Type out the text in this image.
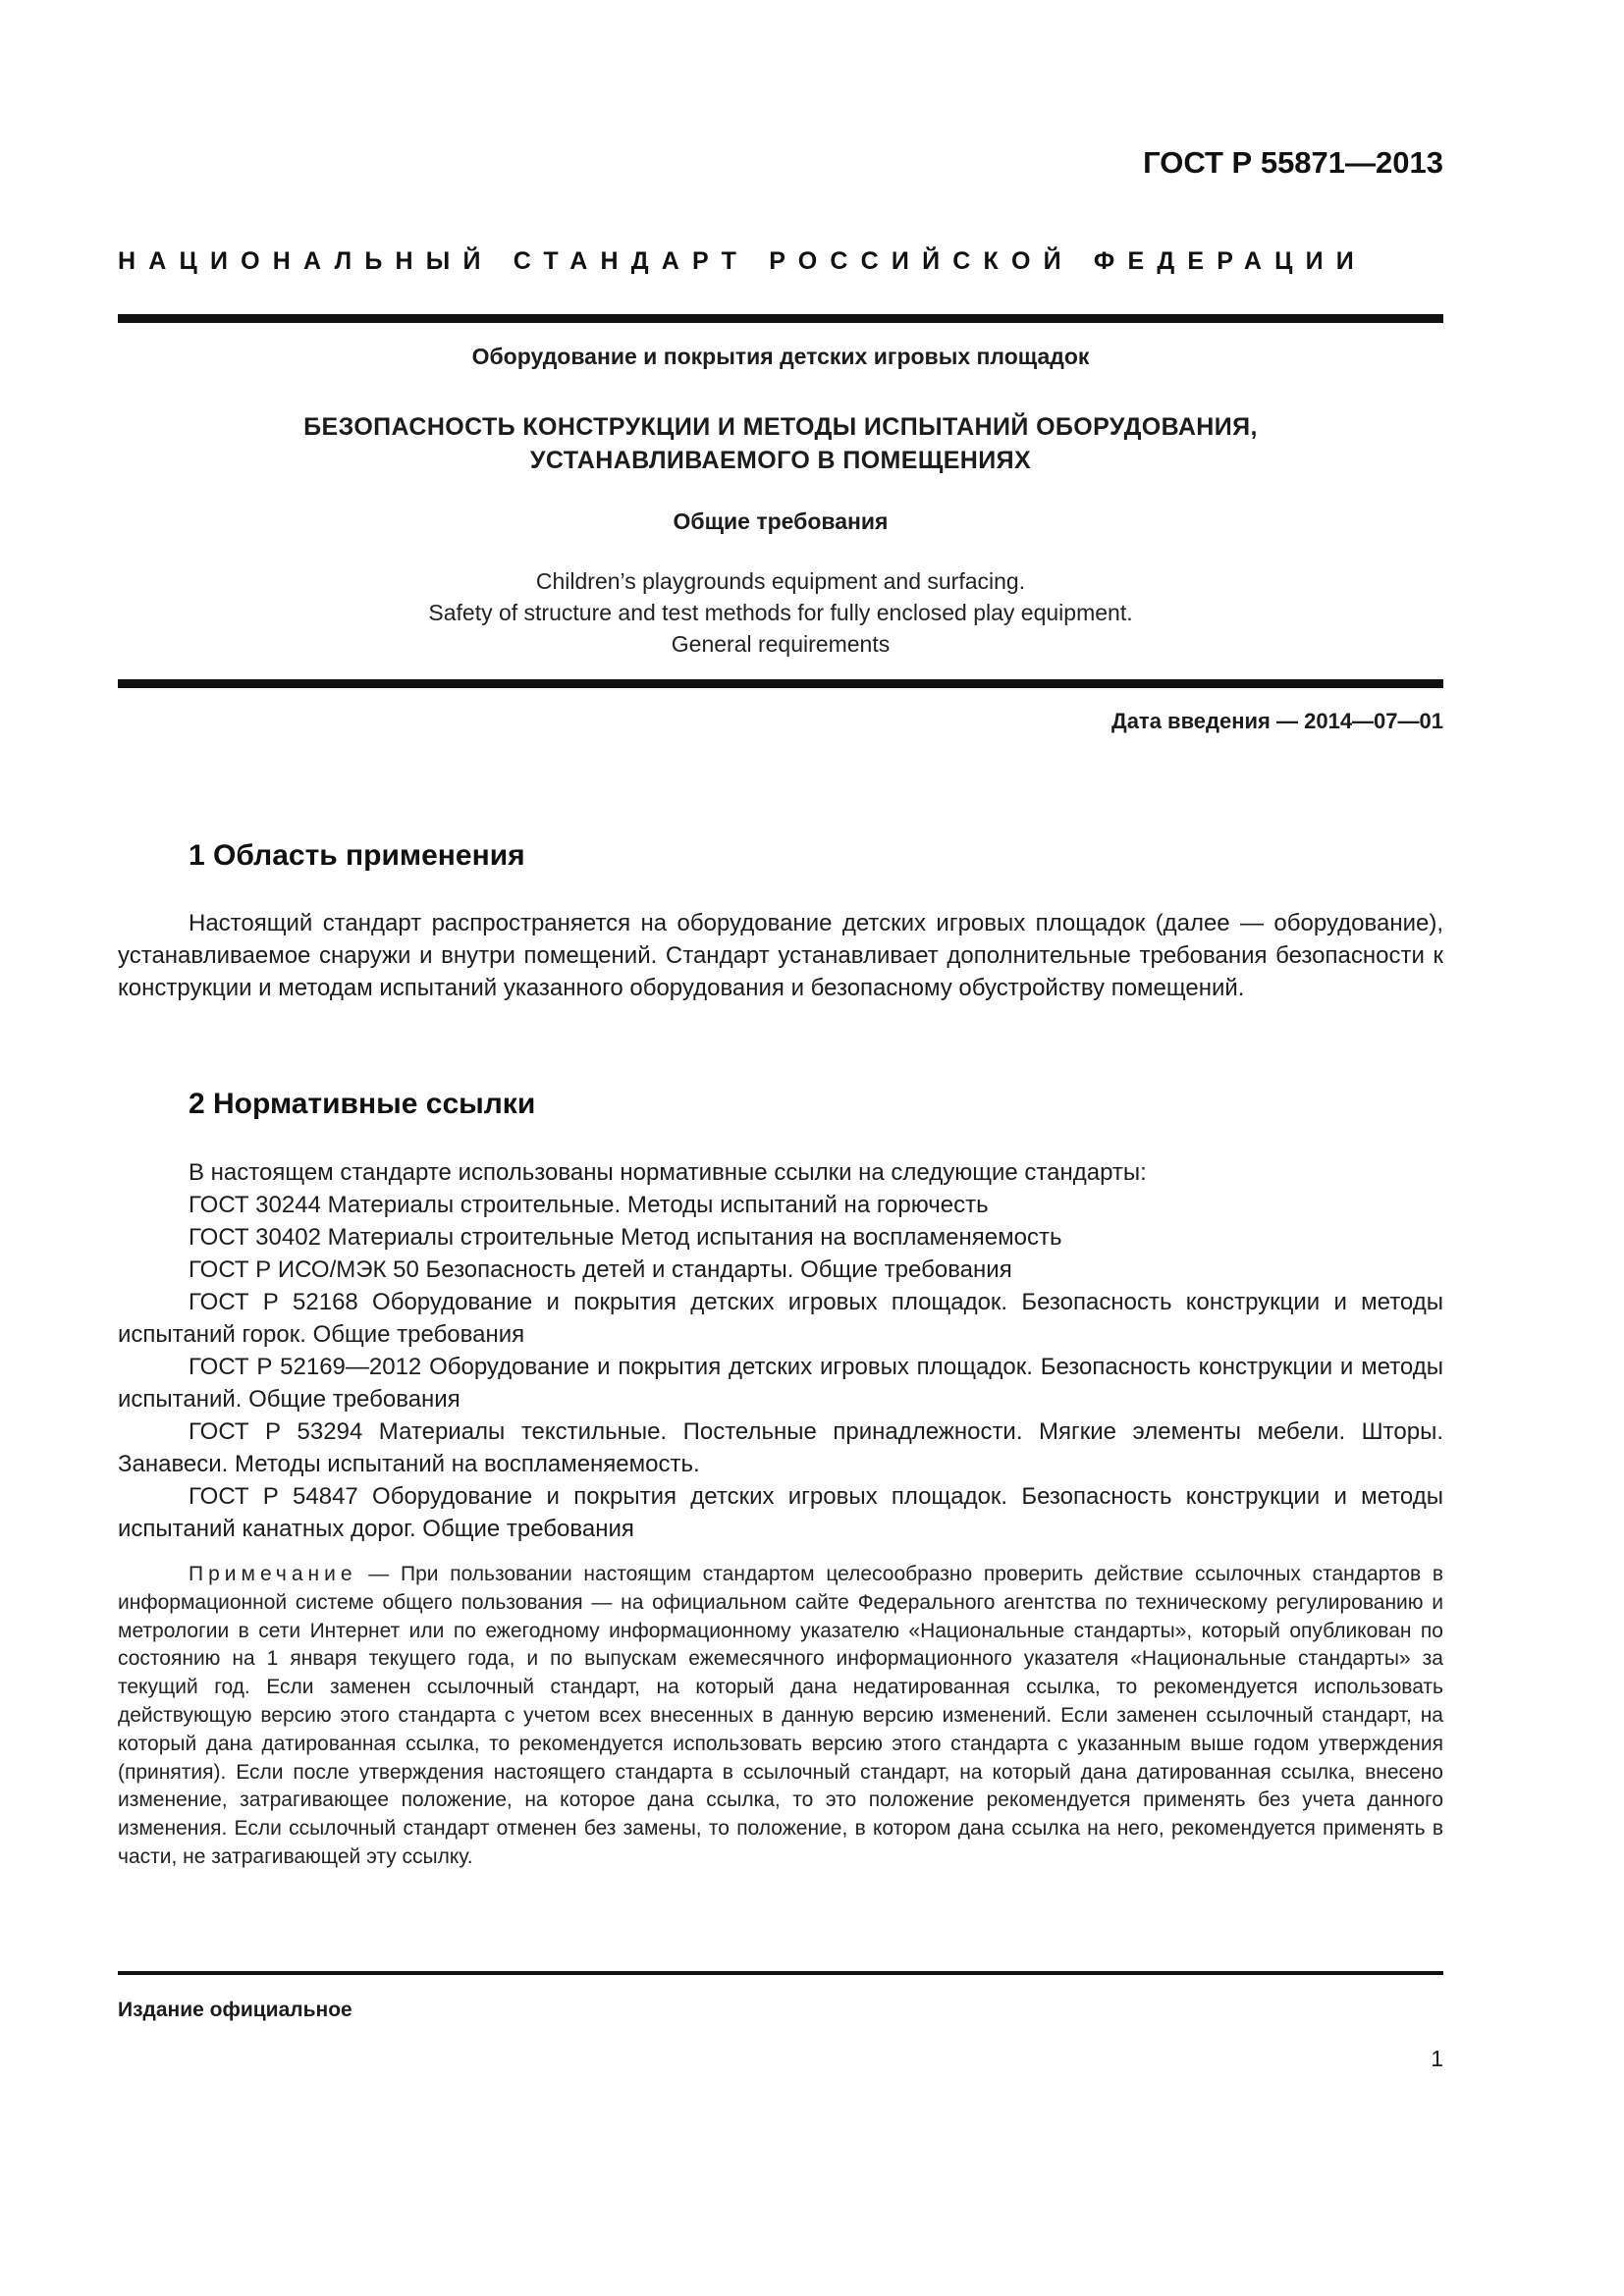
ГОСТ Р 55871—2013
НАЦИОНАЛЬНЫЙ СТАНДАРТ РОССИЙСКОЙ ФЕДЕРАЦИИ
Оборудование и покрытия детских игровых площадок
БЕЗОПАСНОСТЬ КОНСТРУКЦИИ И МЕТОДЫ ИСПЫТАНИЙ ОБОРУДОВАНИЯ,
УСТАНАВЛИВАЕМОГО В ПОМЕЩЕНИЯХ
Общие требования
Children’s playgrounds equipment and surfacing.
Safety of structure and test methods for fully enclosed play equipment.
General requirements
Дата введения — 2014—07—01
1 Область применения

Настоящий стандарт распространяется на оборудование детских игровых площадок (далее — оборудование), устанавливаемое снаружи и внутри помещений. Стандарт устанавливает дополнительные требования безопасности к конструкции и методам испытаний указанного оборудования и безопасному обустройству помещений.

2 Нормативные ссылки

В настоящем стандарте использованы нормативные ссылки на следующие стандарты:

ГОСТ 30244 Материалы строительные. Методы испытаний на горючесть

ГОСТ 30402 Материалы строительные Метод испытания на воспламеняемость

ГОСТ Р ИСО/МЭК 50 Безопасность детей и стандарты. Общие требования

ГОСТ Р 52168 Оборудование и покрытия детских игровых площадок. Безопасность конструкции и методы испытаний горок. Общие требования

ГОСТ Р 52169—2012 Оборудование и покрытия детских игровых площадок. Безопасность конструкции и методы испытаний. Общие требования

ГОСТ Р 53294 Материалы текстильные. Постельные принадлежности. Мягкие элементы мебели. Шторы. Занавеси. Методы испытаний на воспламеняемость.

ГОСТ Р 54847 Оборудование и покрытия детских игровых площадок. Безопасность конструкции и методы испытаний канатных дорог. Общие требования

Примечание — При пользовании настоящим стандартом целесообразно проверить действие ссылочных стандартов в информационной системе общего пользования — на официальном сайте Федерального агентства по техническому регулированию и метрологии в сети Интернет или по ежегодному информационному указателю «Национальные стандарты», который опубликован по состоянию на 1 января текущего года, и по выпускам ежемесячного информационного указателя «Национальные стандарты» за текущий год. Если заменен ссылочный стандарт, на который дана недатированная ссылка, то рекомендуется использовать действующую версию этого стандарта с учетом всех внесенных в данную версию изменений. Если заменен ссылочный стандарт, на который дана датированная ссылка, то рекомендуется использовать версию этого стандарта с указанным выше годом утверждения (принятия). Если после утверждения настоящего стандарта в ссылочный стандарт, на который дана датированная ссылка, внесено изменение, затрагивающее положение, на которое дана ссылка, то это положение рекомендуется применять без учета данного изменения. Если ссылочный стандарт отменен без замены, то положение, в котором дана ссылка на него, рекомендуется применять в части, не затрагивающей эту ссылку.
Издание официальное
1
